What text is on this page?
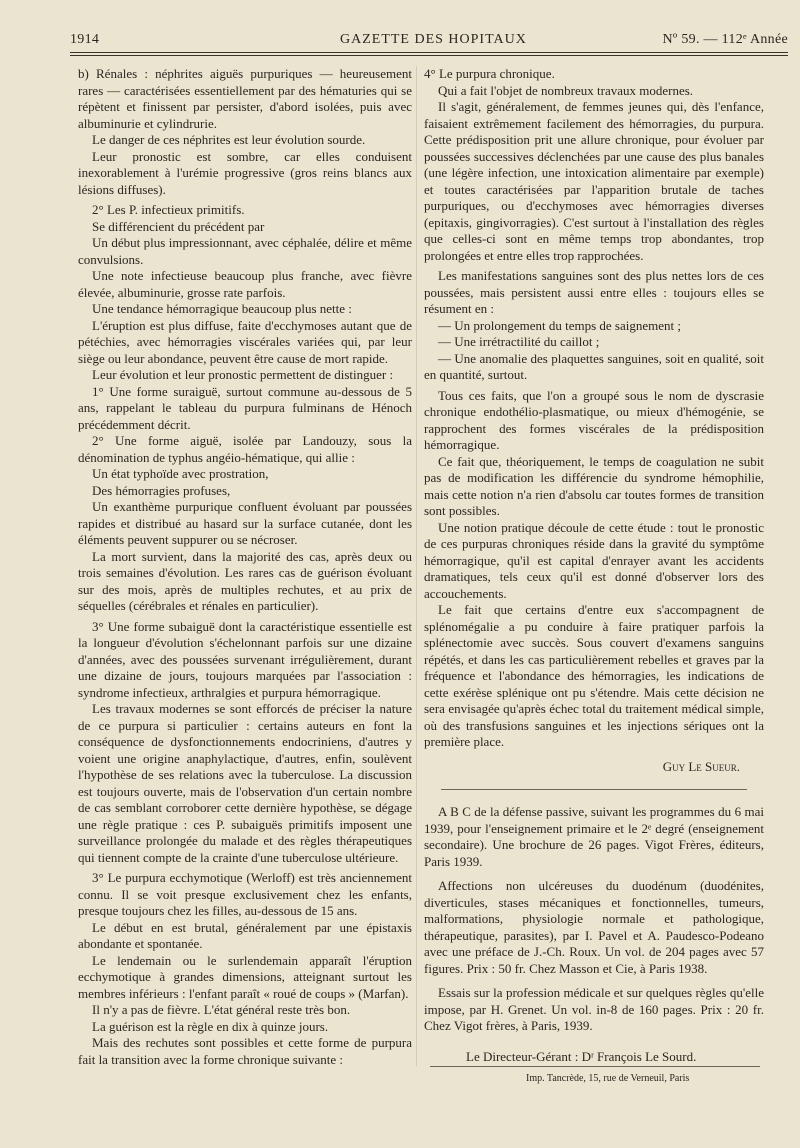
1914	GAZETTE DES HOPITAUX	Nº 59. — 112ᵉ Année

b) Rénales : néphrites aiguës purpuriques — heureusement rares — caractérisées essentiellement par des hématuries qui se répètent et finissent par persister, d'abord isolées, puis avec albuminurie et cylindrurie.

Le danger de ces néphrites est leur évolution sourde.

Leur pronostic est sombre, car elles conduisent inexorablement à l'urémie progressive (gros reins blancs aux lésions diffuses).

2° Les P. infectieux primitifs.

Se différencient du précédent par

Un début plus impressionnant, avec céphalée, délire et même convulsions.

Une note infectieuse beaucoup plus franche, avec fièvre élevée, albuminurie, grosse rate parfois.

Une tendance hémorragique beaucoup plus nette :

L'éruption est plus diffuse, faite d'ecchymoses autant que de pétéchies, avec hémorragies viscérales variées qui, par leur siège ou leur abondance, peuvent être cause de mort rapide.

Leur évolution et leur pronostic permettent de distinguer :

1° Une forme suraiguë, surtout commune au-dessous de 5 ans, rappelant le tableau du purpura fulminans de Hénoch précédemment décrit.

2° Une forme aiguë, isolée par Landouzy, sous la dénomination de typhus angéio-hématique, qui allie :

Un état typhoïde avec prostration,

Des hémorragies profuses,

Un exanthème purpurique confluent évoluant par poussées rapides et distribué au hasard sur la surface cutanée, dont les éléments peuvent suppurer ou se nécroser.

La mort survient, dans la majorité des cas, après deux ou trois semaines d'évolution. Les rares cas de guérison évoluant sur des mois, après de multiples rechutes, et au prix de séquelles (cérébrales et rénales en particulier).

3° Une forme subaiguë dont la caractéristique essentielle est la longueur d'évolution s'échelonnant parfois sur une dizaine d'années, avec des poussées survenant irrégulièrement, durant une dizaine de jours, toujours marquées par l'association : syndrome infectieux, arthralgies et purpura hémorragique.

Les travaux modernes se sont efforcés de préciser la nature de ce purpura si particulier : certains auteurs en font la conséquence de dysfonctionnements endocriniens, d'autres y voient une origine anaphylactique, d'autres, enfin, soulèvent l'hypothèse de ses relations avec la tuberculose. La discussion est toujours ouverte, mais de l'observation d'un certain nombre de cas semblant corroborer cette dernière hypothèse, se dégage une règle pratique : ces P. subaiguës primitifs imposent une surveillance prolongée du malade et des règles thérapeutiques qui tiennent compte de la crainte d'une tuberculose ultérieure.

3° Le purpura ecchymotique (Werloff) est très anciennement connu. Il se voit presque exclusivement chez les enfants, presque toujours chez les filles, au-dessous de 15 ans.

Le début en est brutal, généralement par une épistaxis abondante et spontanée.

Le lendemain ou le surlendemain apparaît l'éruption ecchymotique à grandes dimensions, atteignant surtout les membres inférieurs : l'enfant paraît « roué de coups » (Marfan).

Il n'y a pas de fièvre. L'état général reste très bon.

La guérison est la règle en dix à quinze jours.

Mais des rechutes sont possibles et cette forme de purpura fait la transition avec la forme chronique suivante :

4° Le purpura chronique.

Qui a fait l'objet de nombreux travaux modernes.

Il s'agit, généralement, de femmes jeunes qui, dès l'enfance, faisaient extrêmement facilement des hémorragies, du purpura. Cette prédisposition prit une allure chronique, pour évoluer par poussées successives déclenchées par une cause des plus banales (une légère infection, une intoxication alimentaire par exemple) et toutes caractérisées par l'apparition brutale de taches purpuriques, ou d'ecchymoses avec hémorragies diverses (epitaxis, gingivorragies). C'est surtout à l'installation des règles que celles-ci sont en même temps trop abondantes, trop prolongées et entre elles trop rapprochées.

Les manifestations sanguines sont des plus nettes lors de ces poussées, mais persistent aussi entre elles : toujours elles se résument en :

— Un prolongement du temps de saignement ;

— Une irrétractilité du caillot ;

— Une anomalie des plaquettes sanguines, soit en qualité, soit en quantité, surtout.

Tous ces faits, que l'on a groupé sous le nom de dyscrasie chronique endothélio-plasmatique, ou mieux d'hémogénie, se rapprochent des formes viscérales de la prédisposition hémorragique.

Ce fait que, théoriquement, le temps de coagulation ne subit pas de modification les différencie du syndrome hémophilie, mais cette notion n'a rien d'absolu car toutes formes de transition sont possibles.

Une notion pratique découle de cette étude : tout le pronostic de ces purpuras chroniques réside dans la gravité du symptôme hémorragique, qu'il est capital d'enrayer avant les accidents dramatiques, tels ceux qu'il est donné d'observer lors des accouchements.

Le fait que certains d'entre eux s'accompagnent de splénomégalie a pu conduire à faire pratiquer parfois la splénectomie avec succès. Sous couvert d'examens sanguins répétés, et dans les cas particulièrement rebelles et graves par la fréquence et l'abondance des hémorragies, les indications de cette exérèse splénique ont pu s'étendre. Mais cette décision ne sera envisagée qu'après échec total du traitement médical simple, où des transfusions sanguines et les injections sériques ont la première place.

Guy Le Sueur.

A B C de la défense passive, suivant les programmes du 6 mai 1939, pour l'enseignement primaire et le 2ᵉ degré (enseignement secondaire). Une brochure de 26 pages. Vigot Frères, éditeurs, Paris 1939.

Affections non ulcéreuses du duodénum (duodénites, diverticules, stases mécaniques et fonctionnelles, tumeurs, malformations, physiologie normale et pathologique, thérapeutique, parasites), par I. Pavel et A. Paudesco-Podeano avec une préface de J.-Ch. Roux. Un vol. de 204 pages avec 57 figures. Prix : 50 fr. Chez Masson et Cie, à Paris 1938.

Essais sur la profession médicale et sur quelques règles qu'elle impose, par H. Grenet. Un vol. in-8 de 160 pages. Prix : 20 fr. Chez Vigot frères, à Paris, 1939.

Le Directeur-Gérant : Dʳ François Le Sourd.
Imp. Tancrède, 15, rue de Verneuil, Paris
